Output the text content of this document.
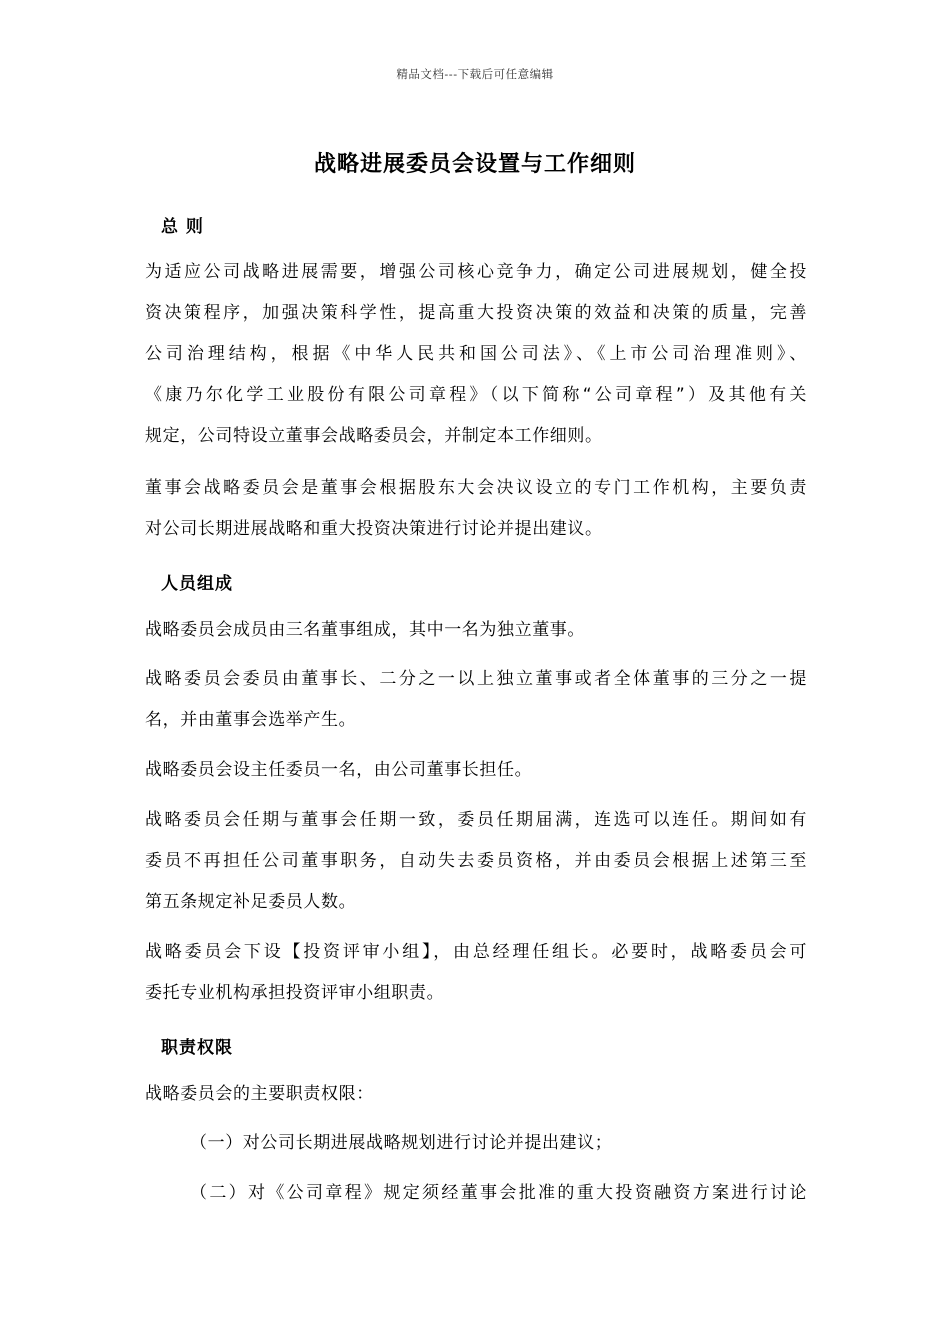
精品文档---下载后可任意编辑
战略进展委员会设置与工作细则
总 则
为适应公司战略进展需要，增强公司核心竞争力，确定公司进展规划，健全投
资决策程序，加强决策科学性，提高重大投资决策的效益和决策的质量，完善
公司治理结构，根据《中华人民共和国公司法》、《上市公司治理准则》、
《康乃尔化学工业股份有限公司章程》（以下简称“公司章程”）及其他有关
规定，公司特设立董事会战略委员会，并制定本工作细则。
董事会战略委员会是董事会根据股东大会决议设立的专门工作机构，主要负责
对公司长期进展战略和重大投资决策进行讨论并提出建议。
人员组成
战略委员会成员由三名董事组成，其中一名为独立董事。
战略委员会委员由董事长、二分之一以上独立董事或者全体董事的三分之一提
名，并由董事会选举产生。
战略委员会设主任委员一名，由公司董事长担任。
战略委员会任期与董事会任期一致，委员任期届满，连选可以连任。期间如有
委员不再担任公司董事职务，自动失去委员资格，并由委员会根据上述第三至
第五条规定补足委员人数。
战略委员会下设【投资评审小组】，由总经理任组长。必要时，战略委员会可
委托专业机构承担投资评审小组职责。
职责权限
战略委员会的主要职责权限：
（一）对公司长期进展战略规划进行讨论并提出建议；
（二）对《公司章程》规定须经董事会批准的重大投资融资方案进行讨论
